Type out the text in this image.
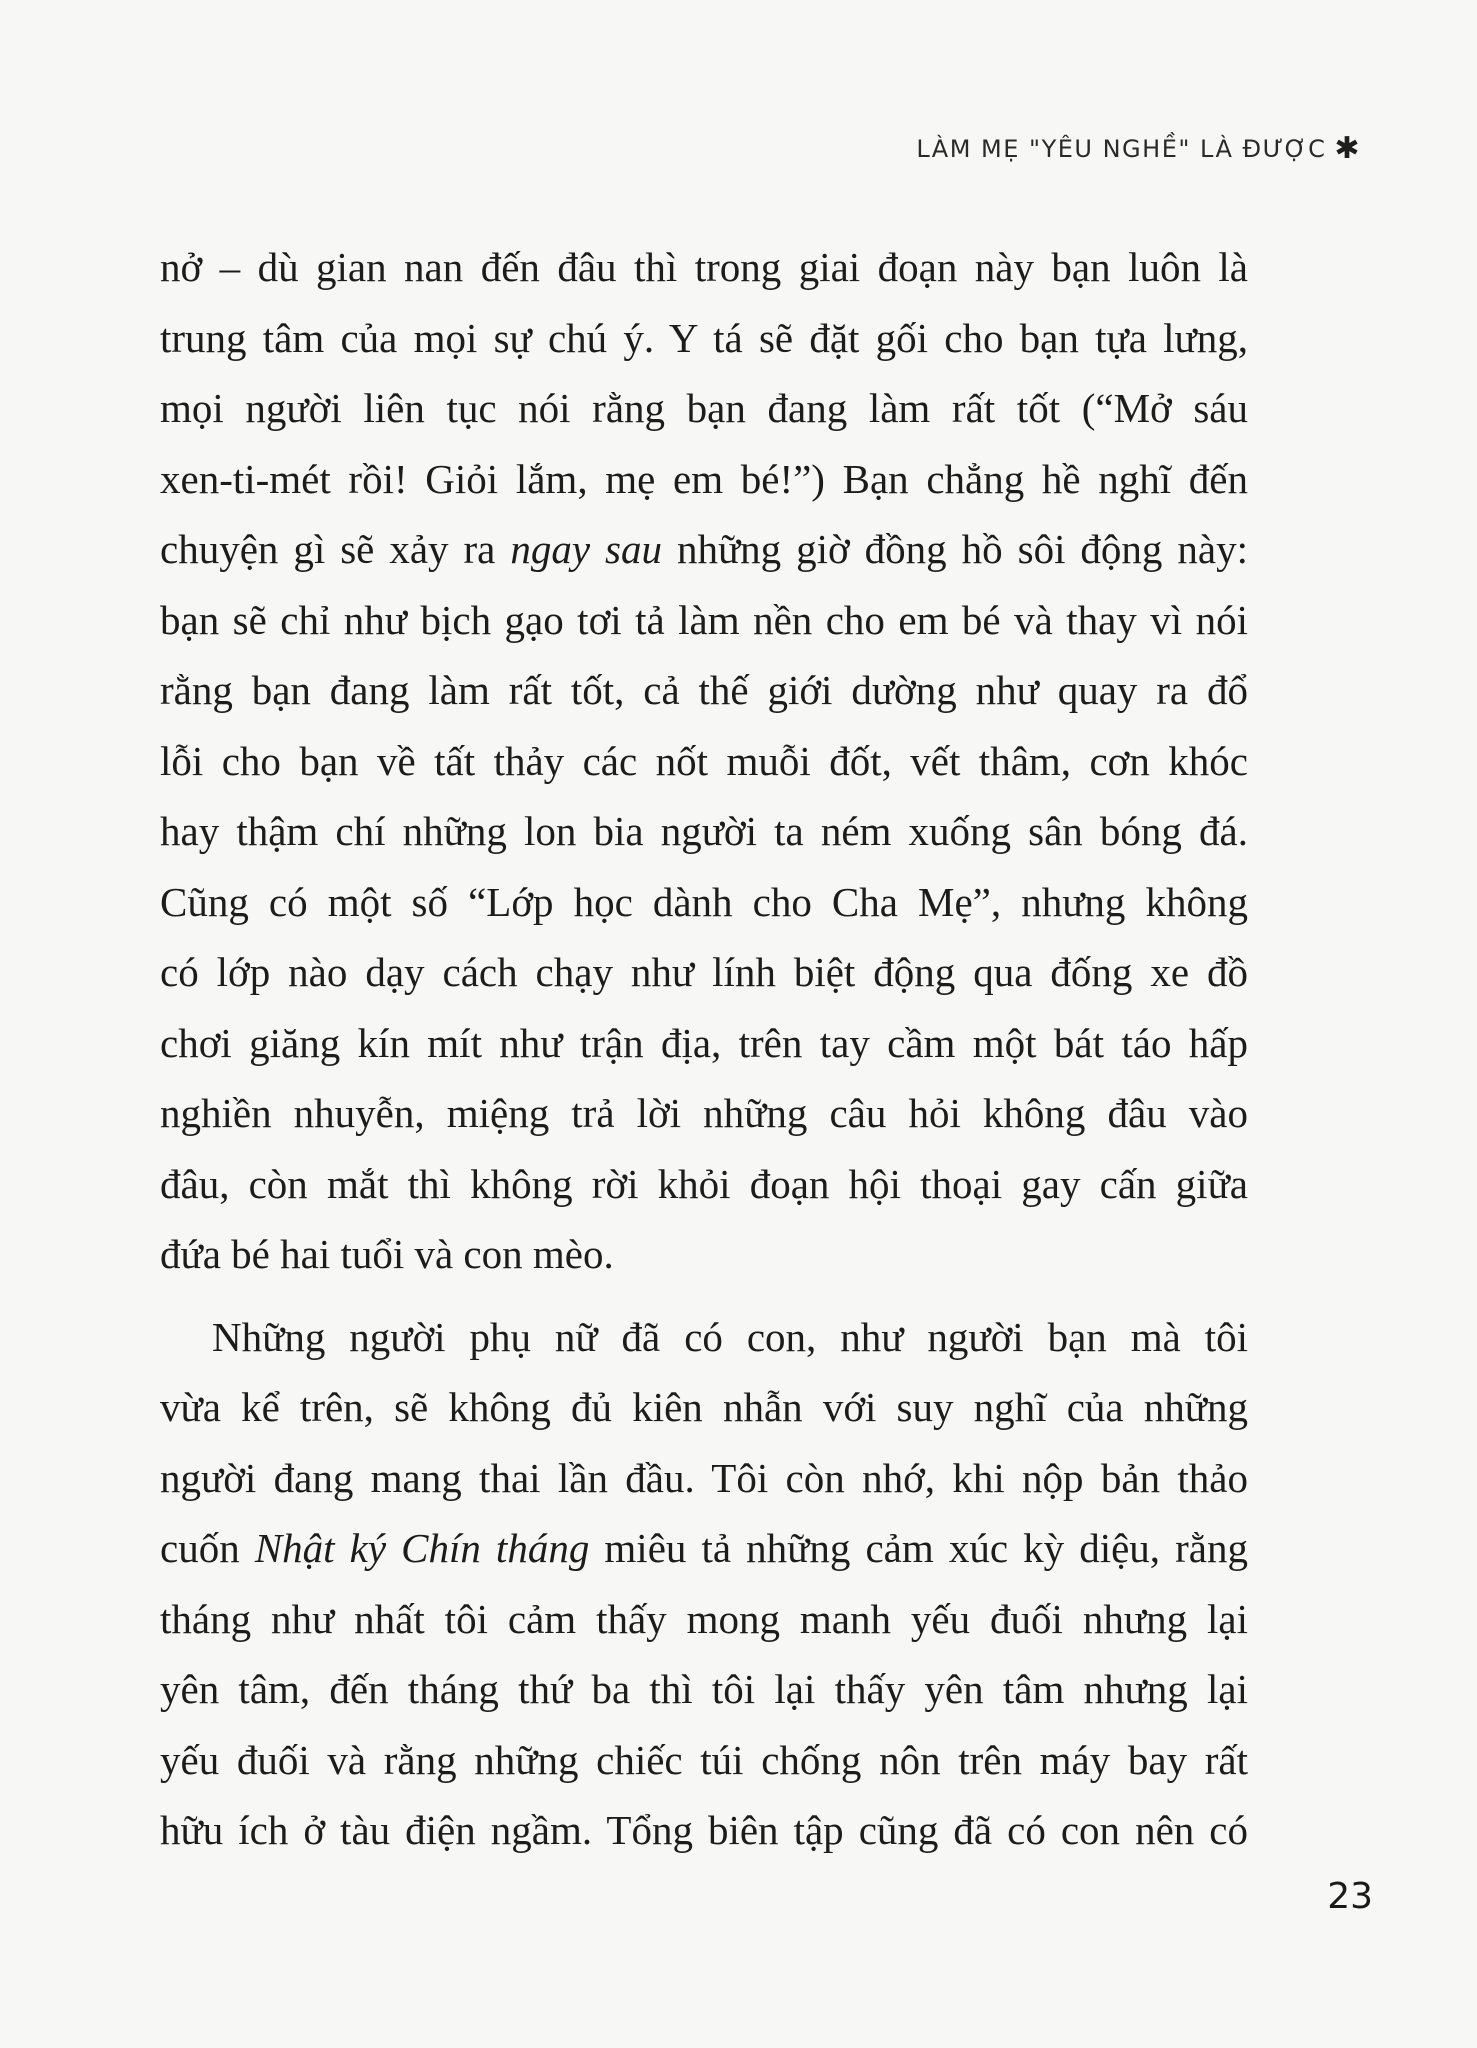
LÀM MẸ "YÊU NGHỀ" LÀ ĐƯỢC ✱
nở – dù gian nan đến đâu thì trong giai đoạn này bạn luôn là
trung tâm của mọi sự chú ý. Y tá sẽ đặt gối cho bạn tựa lưng,
mọi người liên tục nói rằng bạn đang làm rất tốt (“Mở sáu
xen-ti-mét rồi! Giỏi lắm, mẹ em bé!”) Bạn chẳng hề nghĩ đến
chuyện gì sẽ xảy ra ngay sau những giờ đồng hồ sôi động này:
bạn sẽ chỉ như bịch gạo tơi tả làm nền cho em bé và thay vì nói
rằng bạn đang làm rất tốt, cả thế giới dường như quay ra đổ
lỗi cho bạn về tất thảy các nốt muỗi đốt, vết thâm, cơn khóc
hay thậm chí những lon bia người ta ném xuống sân bóng đá.
Cũng có một số “Lớp học dành cho Cha Mẹ”, nhưng không
có lớp nào dạy cách chạy như lính biệt động qua đống xe đồ
chơi giăng kín mít như trận địa, trên tay cầm một bát táo hấp
nghiền nhuyễn, miệng trả lời những câu hỏi không đâu vào
đâu, còn mắt thì không rời khỏi đoạn hội thoại gay cấn giữa
đứa bé hai tuổi và con mèo.
Những người phụ nữ đã có con, như người bạn mà tôi
vừa kể trên, sẽ không đủ kiên nhẫn với suy nghĩ của những
người đang mang thai lần đầu. Tôi còn nhớ, khi nộp bản thảo
cuốn Nhật ký Chín tháng miêu tả những cảm xúc kỳ diệu, rằng
tháng như nhất tôi cảm thấy mong manh yếu đuối nhưng lại
yên tâm, đến tháng thứ ba thì tôi lại thấy yên tâm nhưng lại
yếu đuối và rằng những chiếc túi chống nôn trên máy bay rất
hữu ích ở tàu điện ngầm. Tổng biên tập cũng đã có con nên có
23
